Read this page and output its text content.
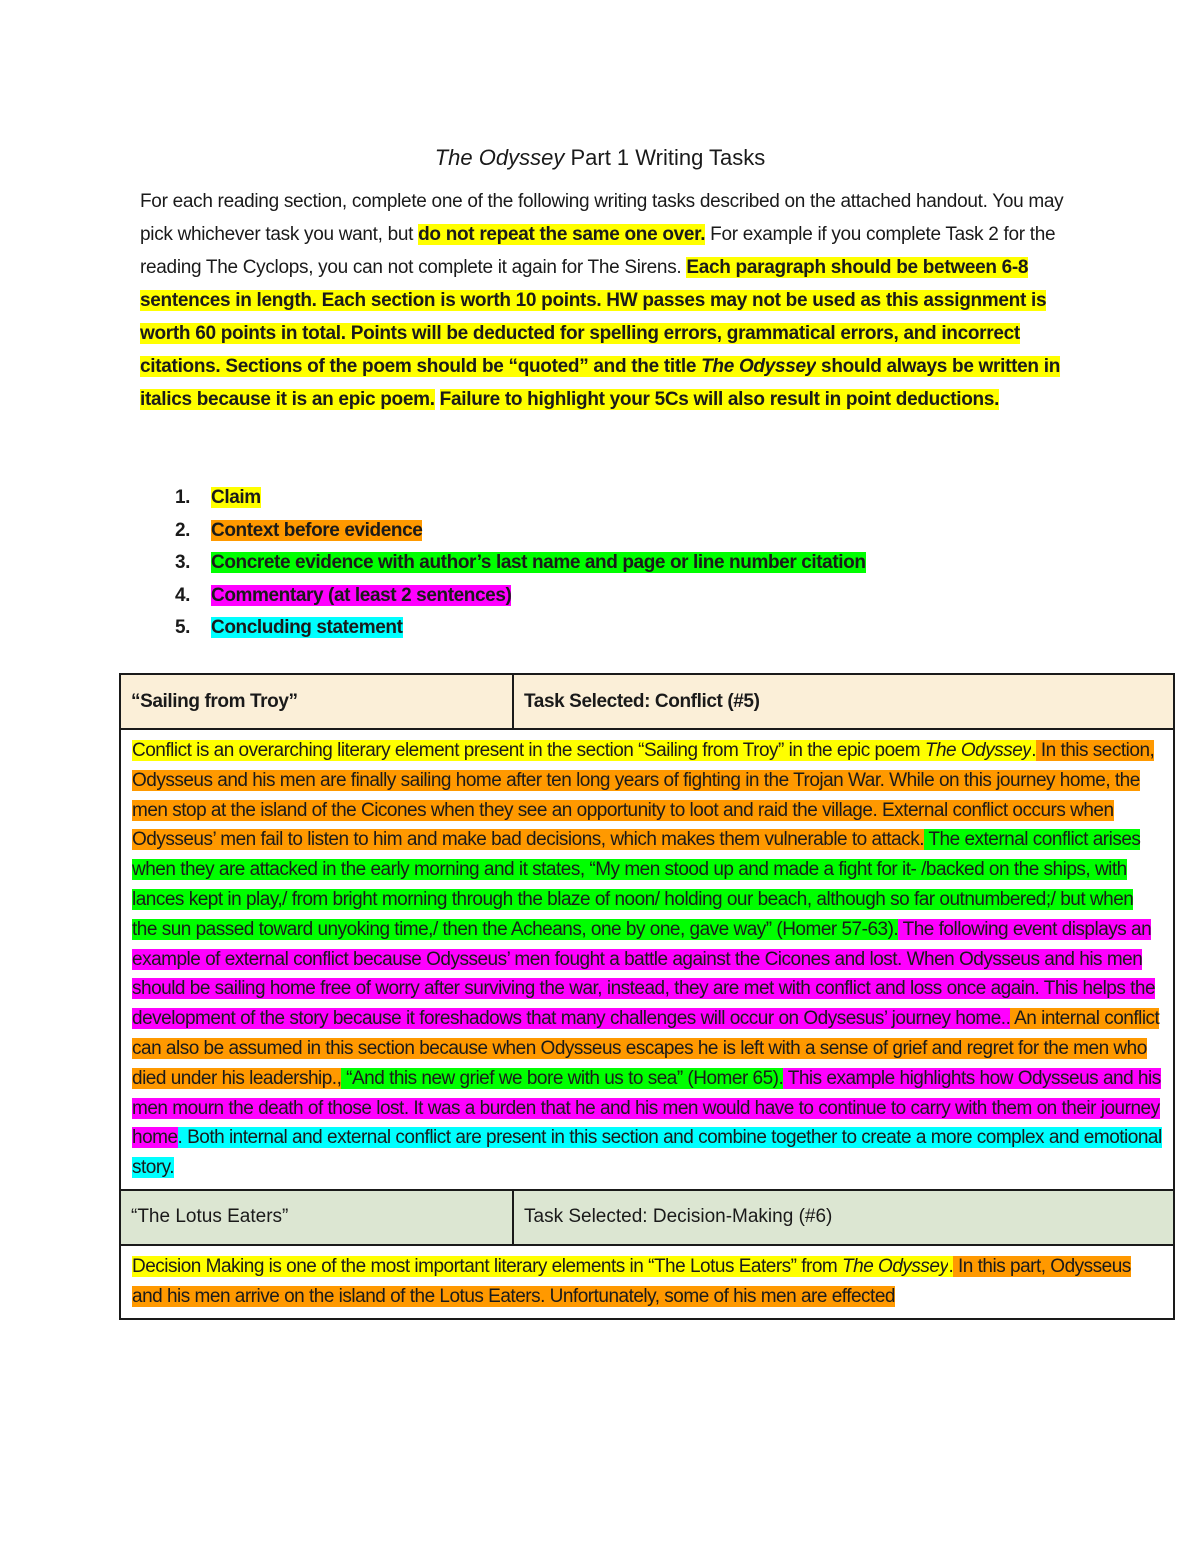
The Odyssey Part 1 Writing Tasks
For each reading section, complete one of the following writing tasks described on the attached handout. You may pick whichever task you want, but do not repeat the same one over. For example if you complete Task 2 for the reading The Cyclops, you can not complete it again for The Sirens. Each paragraph should be between 6-8 sentences in length. Each section is worth 10 points. HW passes may not be used as this assignment is worth 60 points in total. Points will be deducted for spelling errors, grammatical errors, and incorrect citations. Sections of the poem should be “quoted” and the title The Odyssey should always be written in italics because it is an epic poem. Failure to highlight your 5Cs will also result in point deductions.
1. Claim
2. Context before evidence
3. Concrete evidence with author’s last name and page or line number citation
4. Commentary (at least 2 sentences)
5. Concluding statement
“Sailing from Troy”	Task Selected: Conflict (#5)
Conflict is an overarching literary element present in the section “Sailing from Troy” in the epic poem The Odyssey. In this section, Odysseus and his men are finally sailing home after ten long years of fighting in the Trojan War. While on this journey home, the men stop at the island of the Cicones when they see an opportunity to loot and raid the village. External conflict occurs when Odysseus’ men fail to listen to him and make bad decisions, which makes them vulnerable to attack. The external conflict arises when they are attacked in the early morning and it states, “My men stood up and made a fight for it- /backed on the ships, with lances kept in play,/ from bright morning through the blaze of noon/ holding our beach, although so far outnumbered;/ but when the sun passed toward unyoking time,/ then the Acheans, one by one, gave way” (Homer 57-63). The following event displays an example of external conflict because Odysseus’ men fought a battle against the Cicones and lost. When Odysseus and his men should be sailing home free of worry after surviving the war, instead, they are met with conflict and loss once again. This helps the development of the story because it foreshadows that many challenges will occur on Odysesus’ journey home.. An internal conflict can also be assumed in this section because when Odysseus escapes he is left with a sense of grief and regret for the men who died under his leadership., “And this new grief we bore with us to sea” (Homer 65). This example highlights how Odysseus and his men mourn the death of those lost. It was a burden that he and his men would have to continue to carry with them on their journey home. Both internal and external conflict are present in this section and combine together to create a more complex and emotional story.	
“The Lotus Eaters”	Task Selected: Decision-Making (#6)
Decision Making is one of the most important literary elements in “The Lotus Eaters” from The Odyssey. In this part, Odysseus and his men arrive on the island of the Lotus Eaters. Unfortunately, some of his men are effected	
